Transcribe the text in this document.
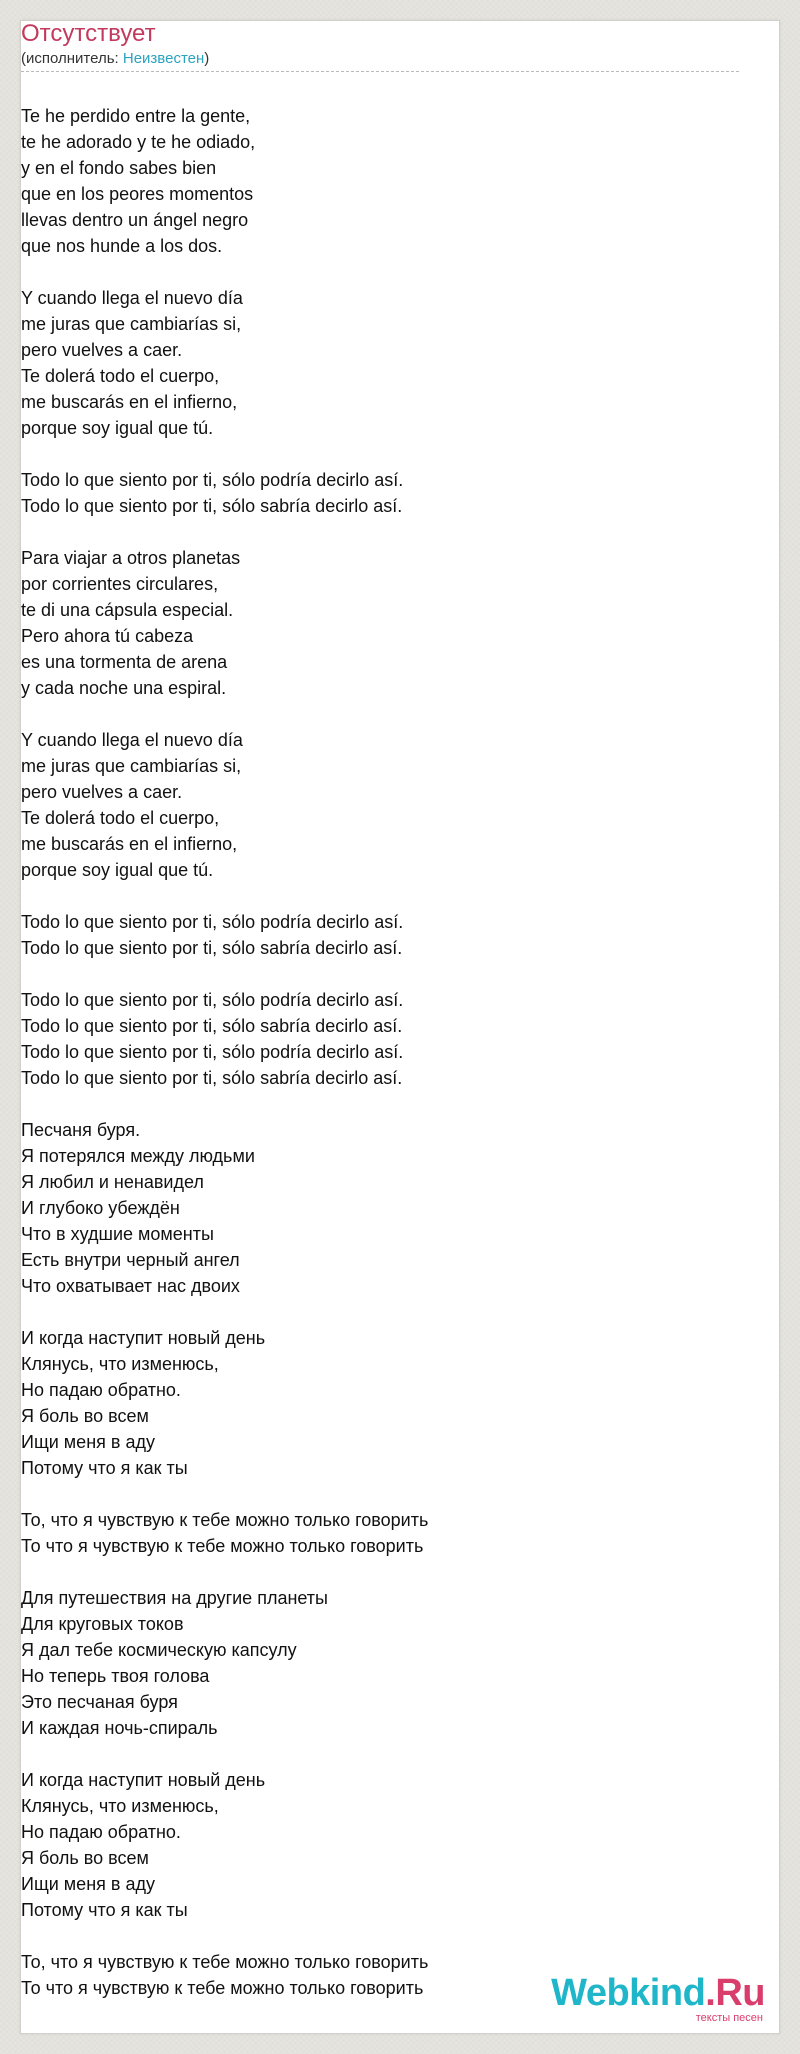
Отсутствует
(исполнитель: Неизвестен)
Te he perdido entre la gente,
te he adorado y te he odiado,
y en el fondo sabes bien
que en los peores momentos
llevas dentro un ángel negro
que nos hunde a los dos.
Y cuando llega el nuevo día
me juras que cambiarías si,
pero vuelves a caer.
Te dolerá todo el cuerpo,
me buscarás en el infierno,
porque soy igual que tú.
Todo lo que siento por ti, sólo podría decirlo así.
Todo lo que siento por ti, sólo sabría decirlo así.
Para viajar a otros planetas
por corrientes circulares,
te di una cápsula especial.
Pero ahora tú cabeza
es una tormenta de arena
y cada noche una espiral.
Y cuando llega el nuevo día
me juras que cambiarías si,
pero vuelves a caer.
Te dolerá todo el cuerpo,
me buscarás en el infierno,
porque soy igual que tú.
Todo lo que siento por ti, sólo podría decirlo así.
Todo lo que siento por ti, sólo sabría decirlo así.
Todo lo que siento por ti, sólo podría decirlo así.
Todo lo que siento por ti, sólo sabría decirlo así.
Todo lo que siento por ti, sólo podría decirlo así.
Todo lo que siento por ti, sólo sabría decirlo así.
Песчаня буря.
Я потерялся между людьми
Я любил и ненавидел
И глубоко убеждён
Что в худшие моменты
Есть внутри черный ангел
Что охватывает нас двоих
И когда наступит новый день
Клянусь, что изменюсь,
Но падаю обратно.
Я боль во всем
Ищи меня в аду
Потому что я как ты
То, что я чувствую к тебе можно только говорить
То что я чувствую к тебе можно только говорить
Для путешествия на другие планеты
Для круговых токов
Я дал тебе космическую капсулу
Но теперь твоя голова
Это песчаная буря
И каждая ночь-спираль
И когда наступит новый день
Клянусь, что изменюсь,
Но падаю обратно.
Я боль во всем
Ищи меня в аду
Потому что я как ты
То, что я чувствую к тебе можно только говорить
То что я чувствую к тебе можно только говорить	Webkind.Ru
тексты песен
